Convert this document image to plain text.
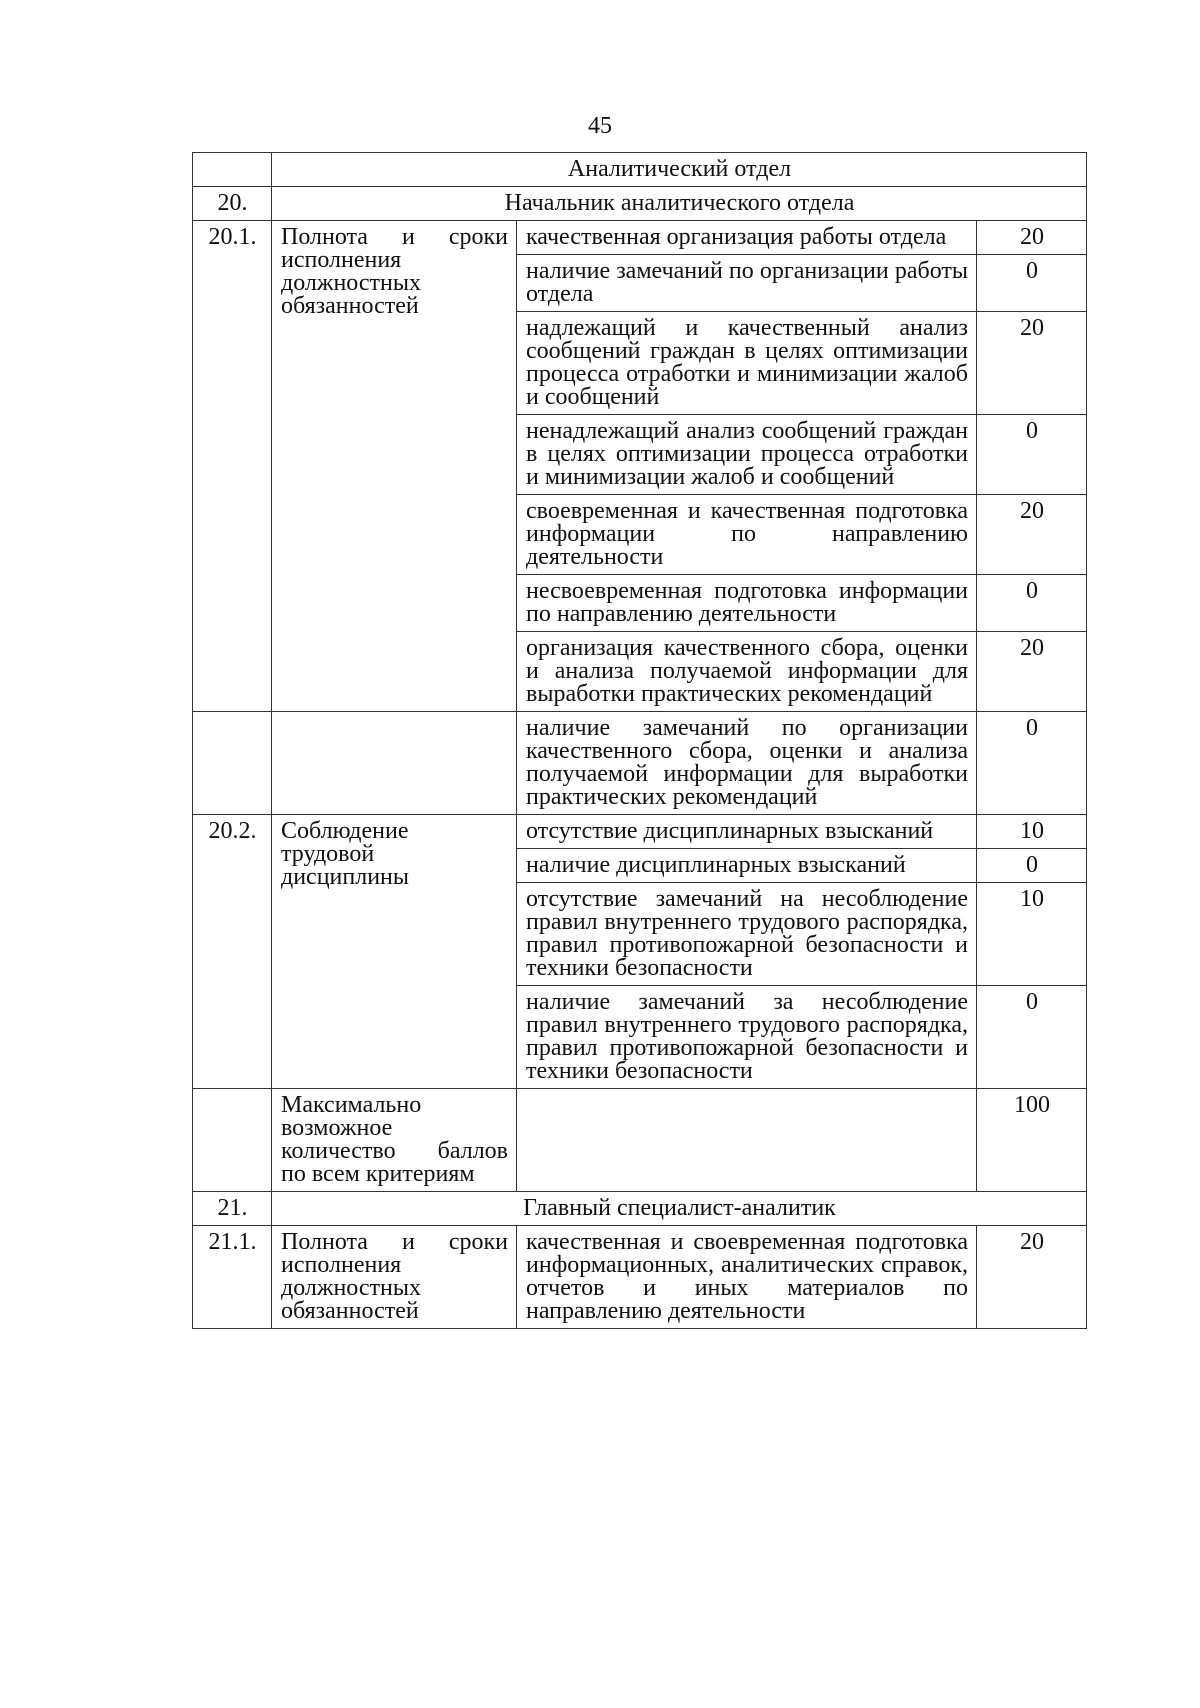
45
	Аналитический отдел		
20.	Начальник аналитического отдела		
20.1.	Полнота и сроки
исполнения
должностных
обязанностей	качественная организация работы отдела	20
		наличие замечаний по организации работы отдела	0
		надлежащий и качественный анализ сообщений граждан в целях оптимизации процесса отработки и минимизации жалоб и сообщений	20
		ненадлежащий анализ сообщений граждан в целях оптимизации процесса отработки и минимизации жалоб и сообщений	0
		своевременная и качественная подготовка информации по направлению деятельности	20
		несвоевременная подготовка информации по направлению деятельности	0
		организация качественного сбора, оценки и анализа получаемой информации для выработки практических рекомендаций	20
		наличие замечаний по организации качественного сбора, оценки и анализа получаемой информации для выработки практических рекомендаций	0
20.2.	Соблюдение
трудовой
дисциплины	отсутствие дисциплинарных взысканий	10
		наличие дисциплинарных взысканий	0
		отсутствие замечаний на несоблюдение правил внутреннего трудового распорядка, правил противопожарной безопасности и техники безопасности	10
		наличие замечаний за несоблюдение правил внутреннего трудового распорядка, правил противопожарной безопасности и техники безопасности	0

	Максимально
возможное
количество баллов
по всем критериям		100
21.	Главный специалист-аналитик		
21.1.	Полнота и сроки
исполнения
должностных
обязанностей	качественная и своевременная подготовка информационных, аналитических справок, отчетов и иных материалов по направлению деятельности	20
